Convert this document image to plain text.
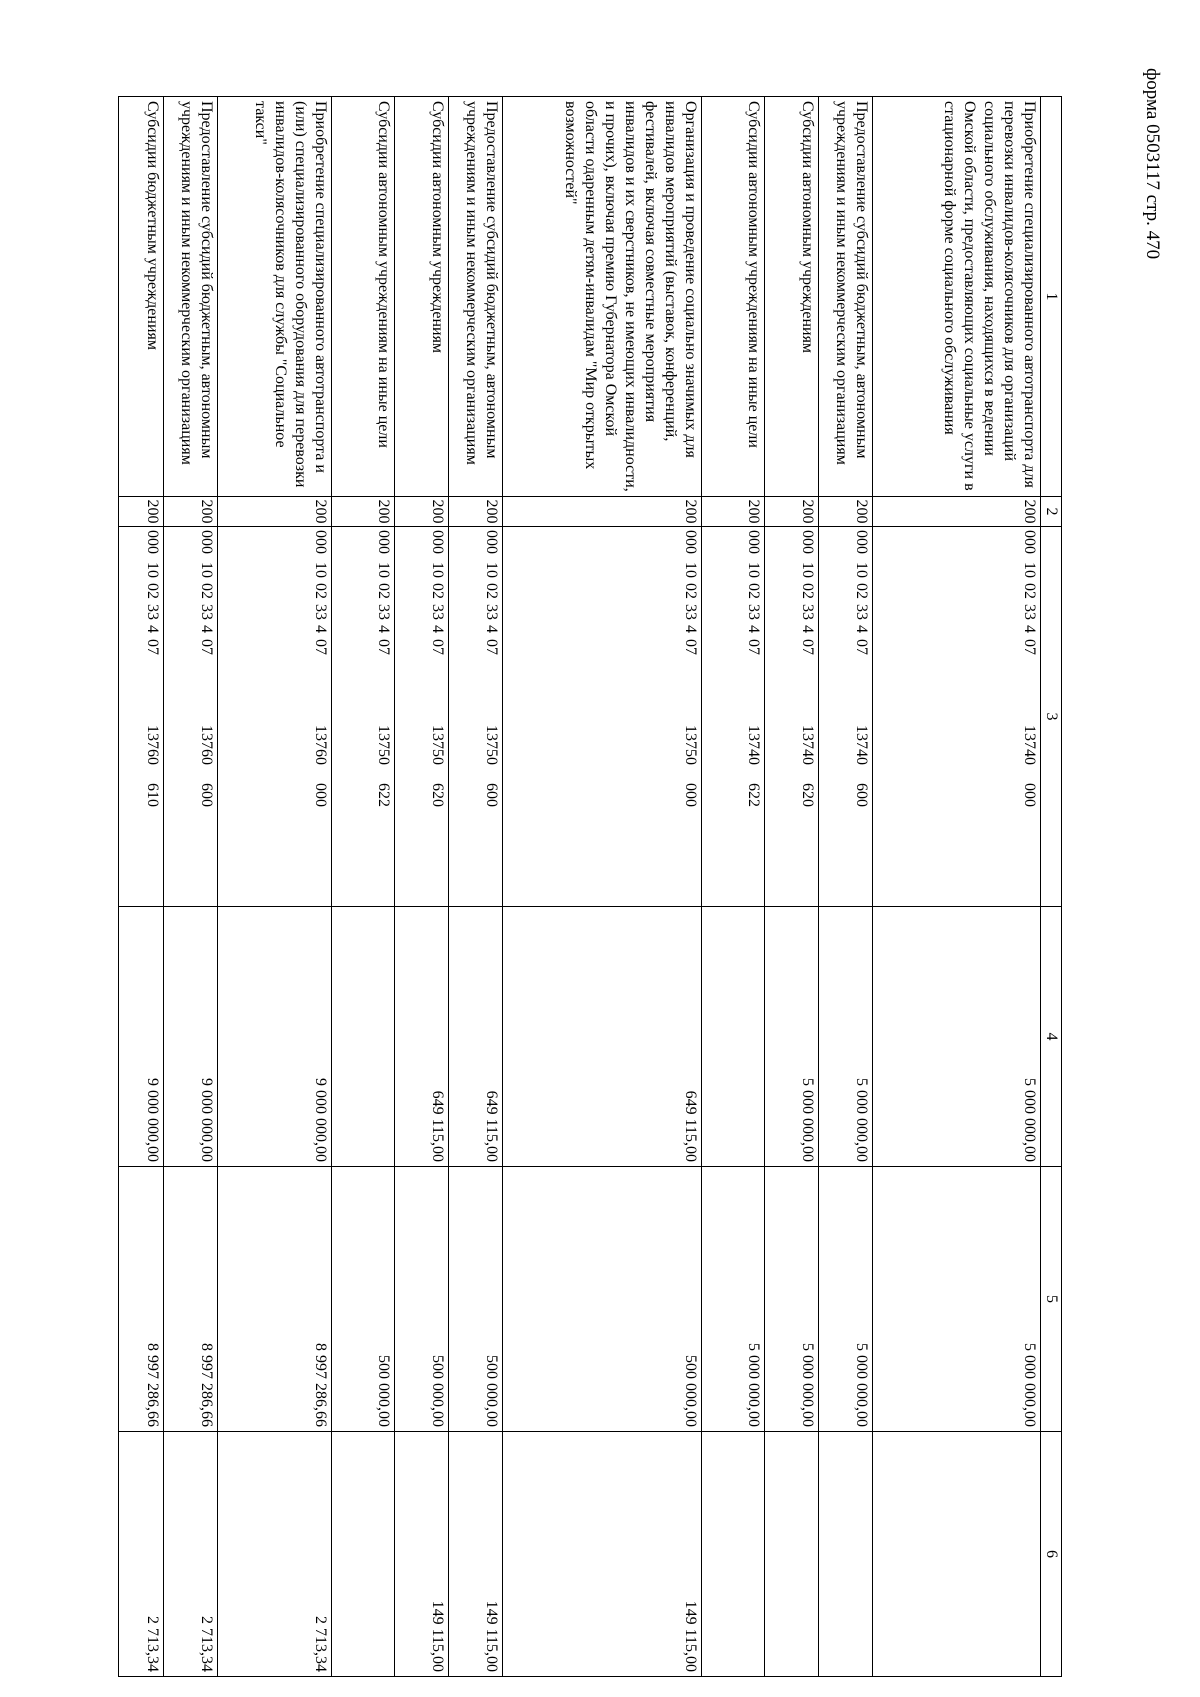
форма 0503117 стр. 470
1	2	3	4	5	6
Приобретение специализированного автотранспорта для перевозки инвалидов-колясочников для организаций социального обслуживания, находящихся в ведении Омской области, предоставляющих социальные услуги в стационарной форме социального обслуживания	200	00010023340713740000	5 000 000,00	5 000 000,00	
Предоставление субсидий бюджетным, автономным учреждениям и иным некоммерческим организациям	200	00010023340713740600	5 000 000,00	5 000 000,00	
Субсидии автономным учреждениям	200	00010023340713740620	5 000 000,00	5 000 000,00	
Субсидии автономным учреждениям на иные цели	200	00010023340713740622		5 000 000,00	
Организация и проведение социально значимых для инвалидов мероприятий (выставок, конференций, фестивалей, включая совместные мероприятия инвалидов и их сверстников, не имеющих инвалидности, и прочих), включая премию Губернатора Омской области одаренным детям-инвалидам "Мир открытых возможностей"	200	00010023340713750000	649 115,00	500 000,00	149 115,00
Предоставление субсидий бюджетным, автономным учреждениям и иным некоммерческим организациям	200	00010023340713750600	649 115,00	500 000,00	149 115,00
Субсидии автономным учреждениям	200	00010023340713750620	649 115,00	500 000,00	149 115,00
Субсидии автономным учреждениям на иные цели	200	00010023340713750622		500 000,00	
Приобретение специализированного автотранспорта и (или) специализированного оборудования для перевозки инвалидов-колясочников для службы "Социальное такси"	200	00010023340713760000	9 000 000,00	8 997 286,66	2 713,34
Предоставление субсидий бюджетным, автономным учреждениям и иным некоммерческим организациям	200	00010023340713760600	9 000 000,00	8 997 286,66	2 713,34
Субсидии бюджетным учреждениям	200	00010023340713760610	9 000 000,00	8 997 286,66	2 713,34
